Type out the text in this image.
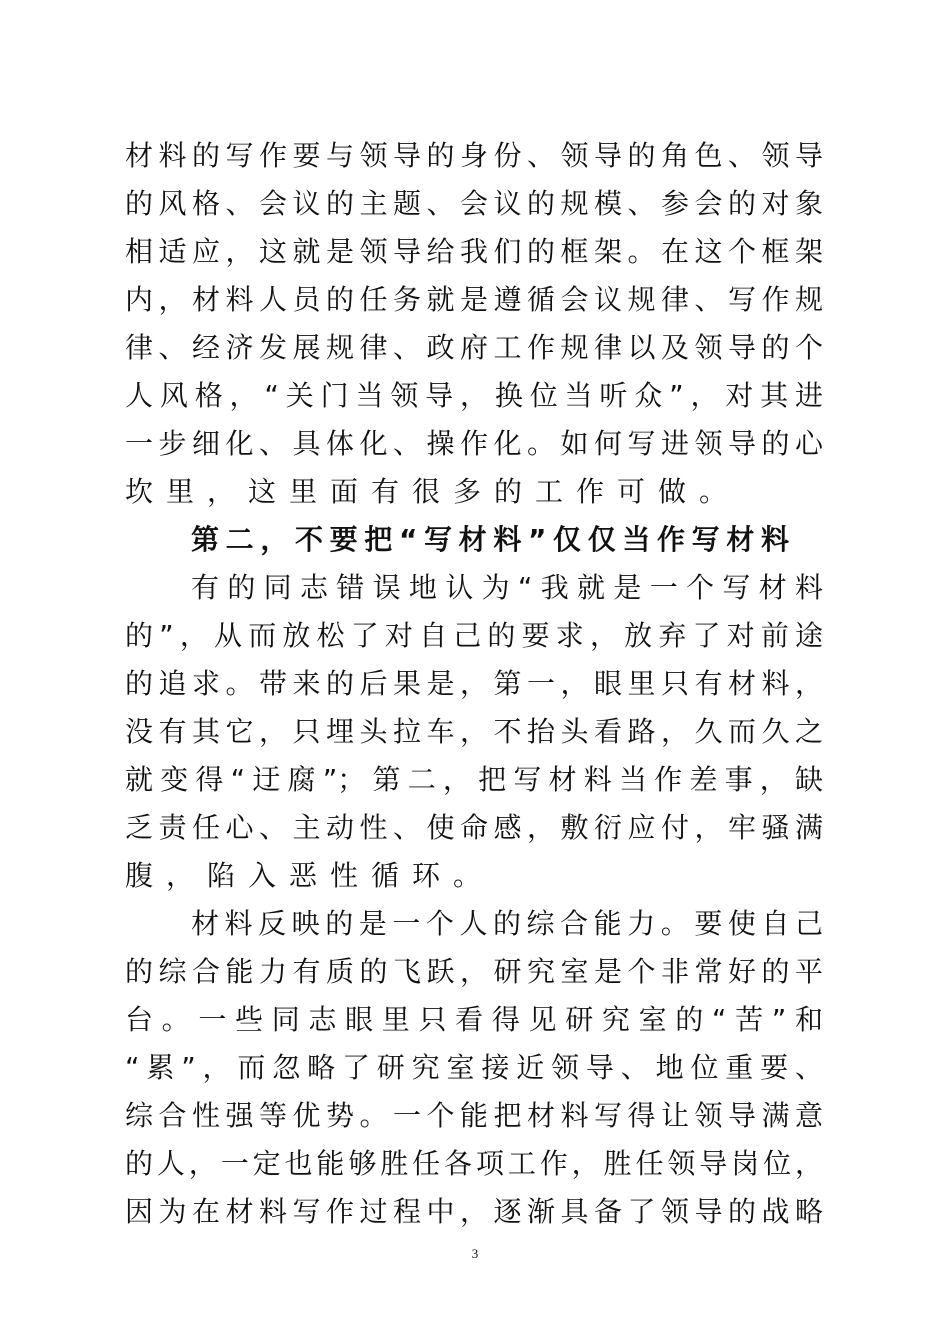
材料的写作要与领导的身份、领导的角色、领导
的风格、会议的主题、会议的规模、参会的对象
相适应，这就是领导给我们的框架。在这个框架
内，材料人员的任务就是遵循会议规律、写作规
律、经济发展规律、政府工作规律以及领导的个
人风格，“关门当领导，换位当听众”，对其进
一步细化、具体化、操作化。如何写进领导的心
坎里，这里面有很多的工作可做。
第二，不要把“写材料”仅仅当作写材料
有的同志错误地认为“我就是一个写材料
的”，从而放松了对自己的要求，放弃了对前途
的追求。带来的后果是，第一，眼里只有材料，
没有其它，只埋头拉车，不抬头看路，久而久之
就变得“迂腐”；第二，把写材料当作差事，缺
乏责任心、主动性、使命感，敷衍应付，牢骚满
腹，陷入恶性循环。
材料反映的是一个人的综合能力。要使自己
的综合能力有质的飞跃，研究室是个非常好的平
台。一些同志眼里只看得见研究室的“苦”和
“累”，而忽略了研究室接近领导、地位重要、
综合性强等优势。一个能把材料写得让领导满意
的人，一定也能够胜任各项工作，胜任领导岗位，
因为在材料写作过程中，逐渐具备了领导的战略
3
